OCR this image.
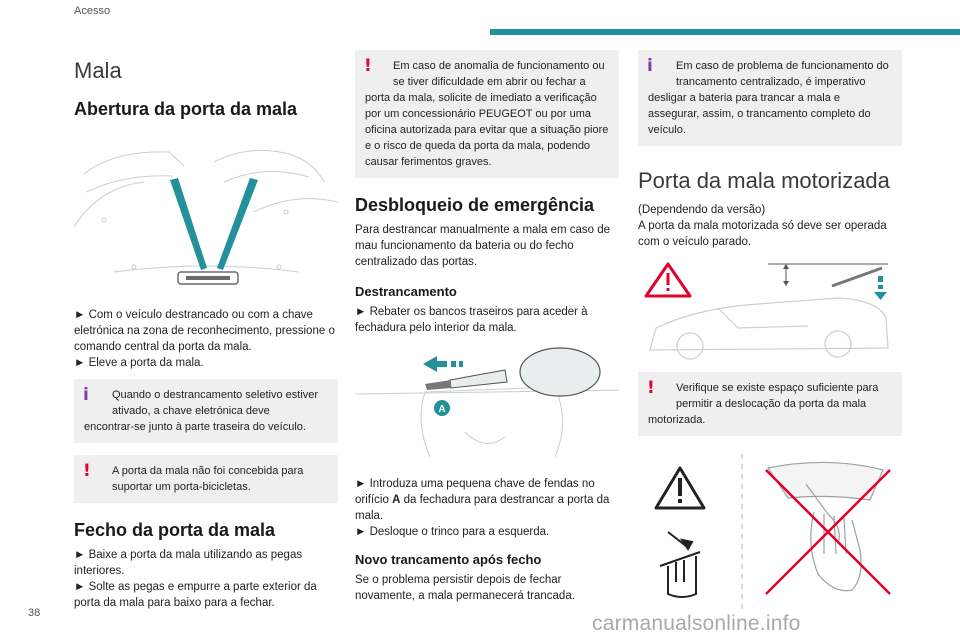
Acesso
Mala
Abertura da porta da mala
► Com o veículo destrancado ou com a chave eletrónica na zona de reconhecimento, pressione o comando central da porta da mala.
► Eleve a porta da mala.
i	Quando o destrancamento seletivo estiver ativado, a chave eletrónica deve
encontrar-se junto à parte traseira do veículo.
!	A porta da mala não foi concebida para suportar um porta-bicicletas.
Fecho da porta da mala
► Baixe a porta da mala utilizando as pegas interiores.
► Solte as pegas e empurre a parte exterior da porta da mala para baixo para a fechar.
!	Em caso de anomalia de funcionamento ou se tiver dificuldade em abrir ou fechar a
porta da mala, solicite de imediato a verificação por um concessionário PEUGEOT ou por uma oficina autorizada para evitar que a situação piore e o risco de queda da porta da mala, podendo causar ferimentos graves.
Desbloqueio de emergência
Para destrancar manualmente a mala em caso de mau funcionamento da bateria ou do fecho centralizado das portas.
Destrancamento
► Rebater os bancos traseiros para aceder à fechadura pelo interior da mala.
A
► Introduza uma pequena chave de fendas no orifício A da fechadura para destrancar a porta da mala.
► Desloque o trinco para a esquerda.
Novo trancamento após fecho
Se o problema persistir depois de fechar novamente, a mala permanecerá trancada.
i	Em caso de problema de funcionamento do trancamento centralizado, é imperativo
desligar a bateria para trancar a mala e assegurar, assim, o trancamento completo do veículo.
Porta da mala motorizada
(Dependendo da versão)
A porta da mala motorizada só deve ser operada com o veículo parado.
!	Verifique se existe espaço suficiente para permitir a deslocação da porta da mala
motorizada.
38	carmanualsonline.info
